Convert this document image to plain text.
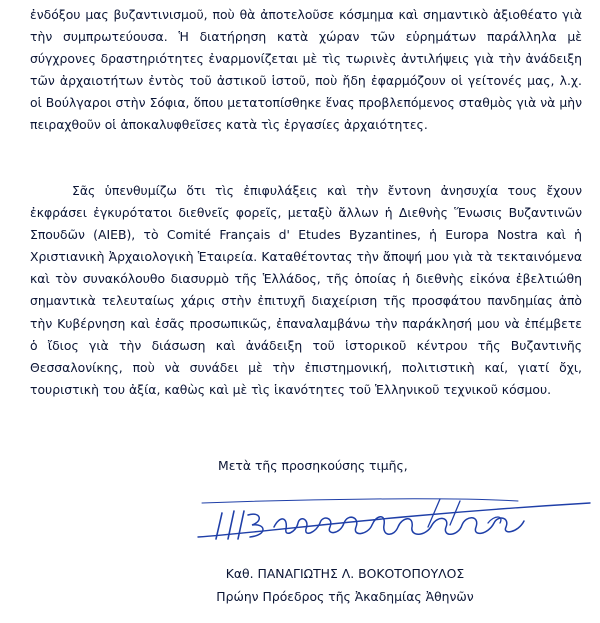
ἐνδόξου μας βυζαντινισμοῦ, ποὺ θὰ ἀποτελοῦσε κόσμημα καὶ σημαντικὸ ἀξιοθέατο γιὰ τὴν συμπρωτεύουσα. Ἡ διατήρηση κατὰ χώραν τῶν εὑρημάτων παράλληλα μὲ σύγχρονες δραστηριότητες ἐναρμονίζεται μὲ τὶς τωρινὲς ἀντιλήψεις γιὰ τὴν ἀνάδειξη τῶν ἀρχαιοτήτων ἐντὸς τοῦ ἀστικοῦ ἱστοῦ, ποὺ ἤδη ἐφαρμόζουν οἱ γείτονές μας, λ.χ. οἱ Βούλγαροι στὴν Σόφια, ὅπου μετατοπίσθηκε ἕνας προβλεπόμενος σταθμὸς γιὰ νὰ μὴν πειραχθοῦν οἱ ἀποκαλυφθεῖσες κατὰ τὶς ἐργασίες ἀρχαιότητες.

Σᾶς ὑπενθυμίζω ὅτι τὶς ἐπιφυλάξεις καὶ τὴν ἔντονη ἀνησυχία τους ἔχουν ἐκφράσει ἐγκυρότατοι διεθνεῖς φορεῖς, μεταξὺ ἄλλων ἡ Διεθνὴς Ἕνωσις Βυζαντινῶν Σπουδῶν (AIEB), τὸ Comité Français d' Etudes Byzantines, ἡ Europa Nostra καὶ ἡ Χριστιανικὴ Ἀρχαιολογικὴ Ἑταιρεία. Καταθέτοντας τὴν ἄποψή μου γιὰ τὰ τεκταινόμενα καὶ τὸν συνακόλουθο διασυρμὸ τῆς Ἑλλάδος, τῆς ὁποίας ἡ διεθνὴς εἰκόνα ἐβελτιώθη σημαντικὰ τελευταίως χάρις στὴν ἐπιτυχῆ διαχείριση τῆς προσφάτου πανδημίας ἀπὸ τὴν Κυβέρνηση καὶ ἐσᾶς προσωπικῶς, ἐπαναλαμβάνω τὴν παράκλησή μου νὰ ἐπέμβετε ὁ ἴδιος γιὰ τὴν διάσωση καὶ ἀνάδειξη τοῦ ἱστορικοῦ κέντρου τῆς Βυζαντινῆς Θεσσαλονίκης, ποὺ νὰ συνάδει μὲ τὴν ἐπιστημονική, πολιτιστικὴ καί, γιατί ὄχι, τουριστικὴ του ἀξία, καθὼς καὶ μὲ τὶς ἱκανότητες τοῦ Ἑλληνικοῦ τεχνικοῦ κόσμου.

Μετὰ τῆς προσηκούσης τιμῆς,

Καθ. ΠΑΝΑΓΙΩΤΗΣ Λ. ΒΟΚΟΤΟΠΟΥΛΟΣ

Πρώην Πρόεδρος τῆς Ἀκαδημίας Ἀθηνῶν
